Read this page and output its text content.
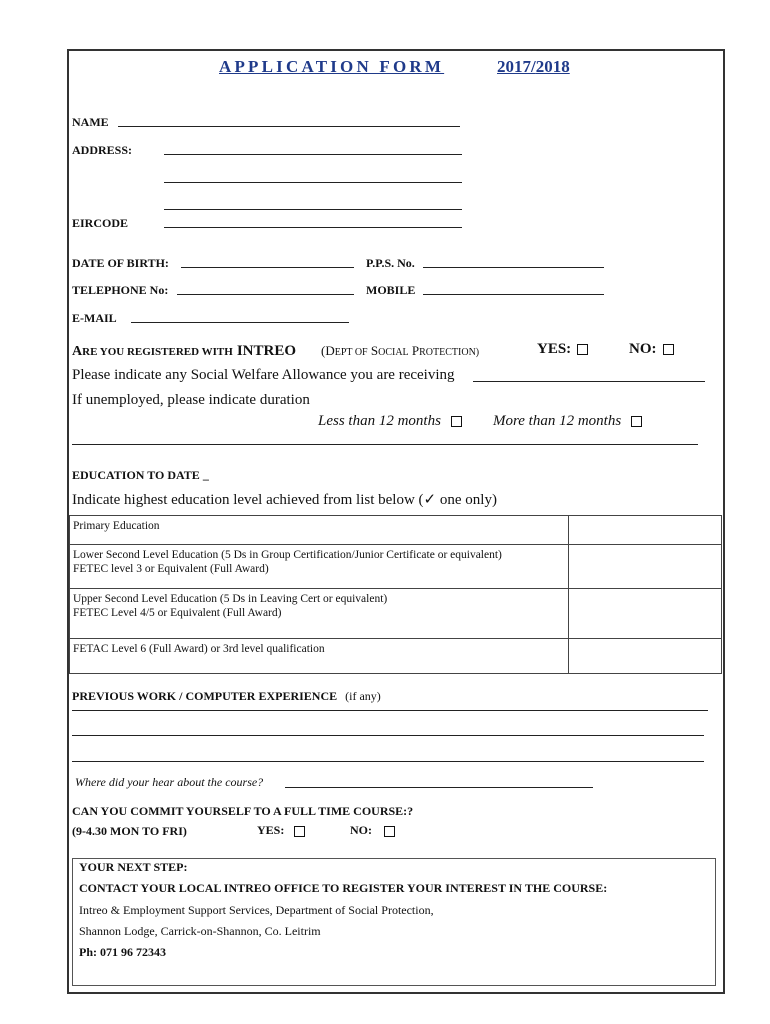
APPLICATION FORM	2017/2018
NAME
ADDRESS:
EIRCODE
DATE OF BIRTH:	P.P.S. No.
TELEPHONE No:	MOBILE
E-MAIL
ARE YOU REGISTERED WITH INTREO (DEPT OF SOCIAL PROTECTION)	YES:	NO:
Please indicate any Social Welfare Allowance you are receiving
If unemployed, please indicate duration
Less than 12 months	More than 12 months
EDUCATION TO DATE _
Indicate highest education level achieved from list below (✓ one only)
Primary Education	

Lower Second Level Education (5 Ds in Group Certification/Junior Certificate or equivalent)
FETEC level 3 or Equivalent (Full Award)	

Upper Second Level Education (5 Ds in Leaving Cert or equivalent)
FETEC Level 4/5 or Equivalent (Full Award)	

FETAC Level 6 (Full Award) or 3rd level qualification	

PREVIOUS WORK / COMPUTER EXPERIENCE (if any)
Where did your hear about the course?
CAN YOU COMMIT YOURSELF TO A FULL TIME COURSE:?
(9-4.30 MON TO FRI)	YES:	NO:
YOUR NEXT STEP:
CONTACT YOUR LOCAL INTREO OFFICE TO REGISTER YOUR INTEREST IN THE COURSE:
Intreo & Employment Support Services, Department of Social Protection,
Shannon Lodge, Carrick-on-Shannon, Co. Leitrim
Ph: 071 96 72343
